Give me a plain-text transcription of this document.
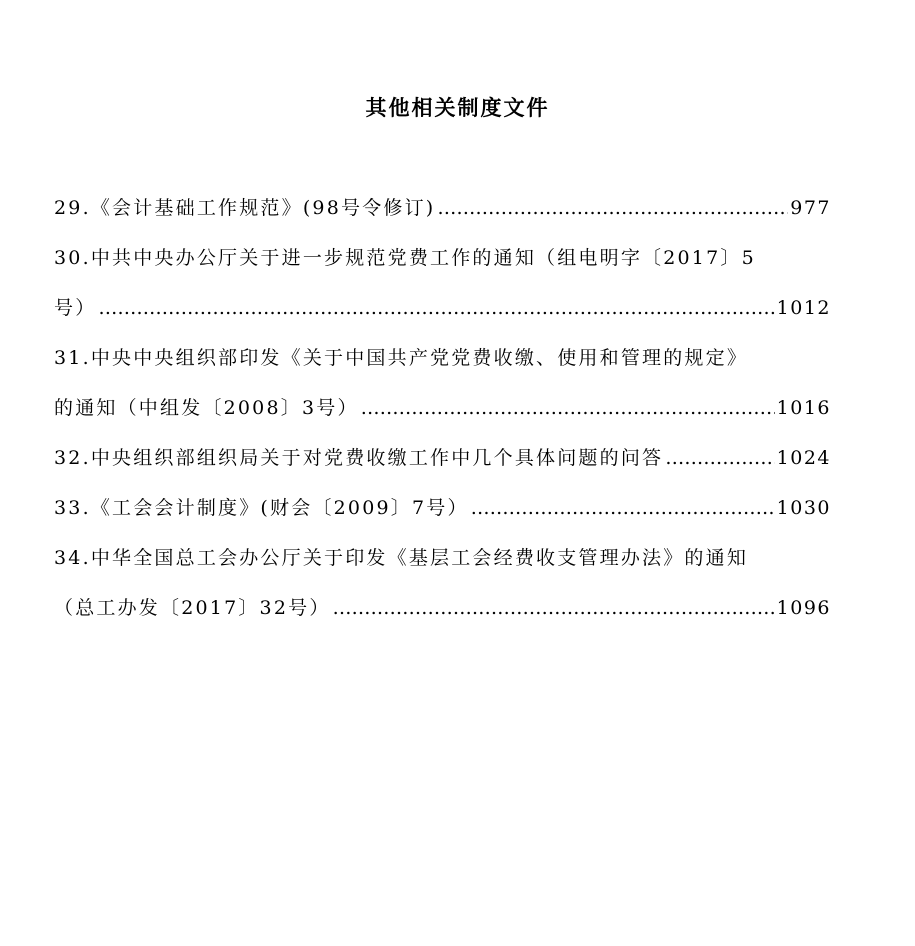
其他相关制度文件
29.《会计基础工作规范》(98号令修订) …………………………………………………………………………………………………………………………………………………	977
30.中共中央办公厅关于进一步规范党费工作的通知（组电明字〔2017〕5
号） …………………………………………………………………………………………………………………………………………………	1012
31.中央中央组织部印发《关于中国共产党党费收缴、使用和管理的规定》
的通知（中组发〔2008〕3号） …………………………………………………………………………………………………………………………………………………	1016
32.中央组织部组织局关于对党费收缴工作中几个具体问题的问答 …………………………………………………………………………………………………………………………………………………	1024
33.《工会会计制度》(财会〔2009〕7号） …………………………………………………………………………………………………………………………………………………	1030
34.中华全国总工会办公厅关于印发《基层工会经费收支管理办法》的通知
（总工办发〔2017〕32号） …………………………………………………………………………………………………………………………………………………	1096
